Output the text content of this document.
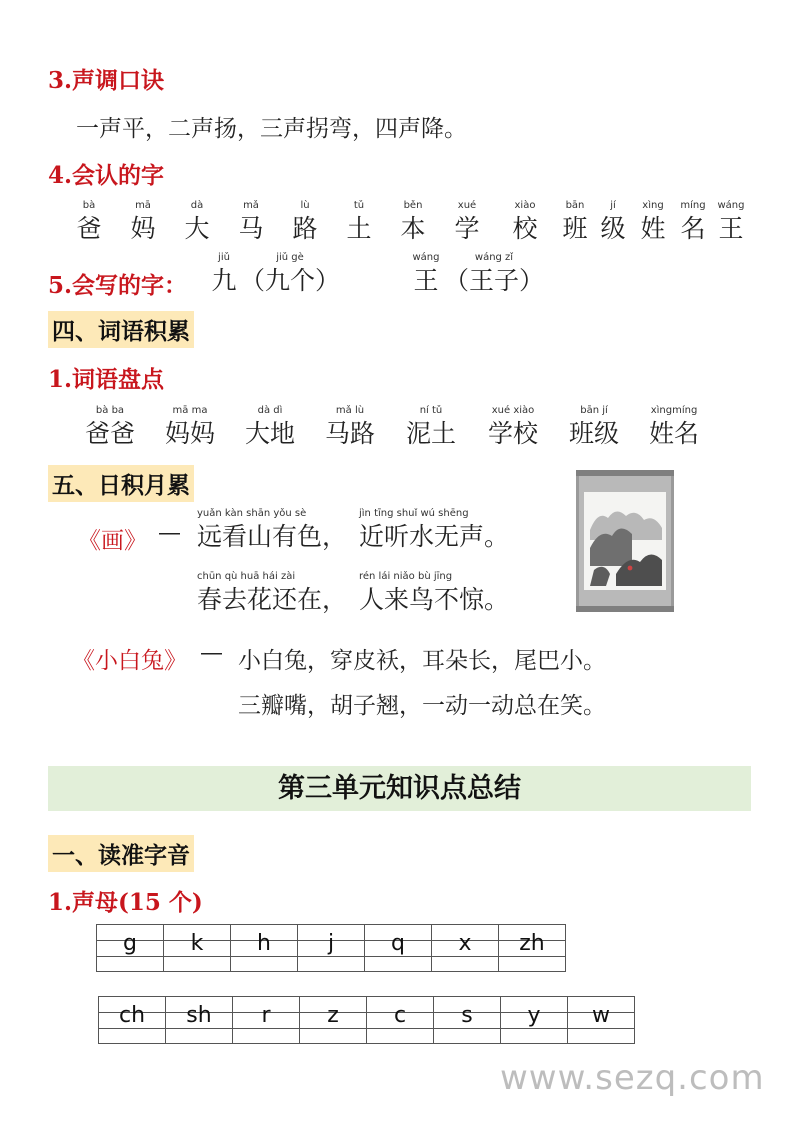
3.声调口诀
一声平，二声扬，三声拐弯，四声降。
4.会认的字
bà
爸
mā
妈
dà
大
mǎ
马
lù
路
tǔ
土
běn
本
xué
学
xiào
校
bān
班
jí
级
xìng
姓
míng
名
wáng
王
5.会写的字：
jiǔ
九
jiǔ gè
（九个）
wáng
王
wáng zǐ
（王子）
四、词语积累
1.词语盘点
bà ba
爸爸
mā ma
妈妈
dà dì
大地
mǎ lù
马路
ní tǔ
泥土
xué xiào
学校
bān jí
班级
xìngmíng
姓名
五、日积月累
《画》 —
yuǎn kàn shān yǒu sè
远看山有色，
jìn tīng shuǐ wú shēng
近听水无声。
chūn qù huā hái zài
春去花还在，
rén lái niǎo bù jīng
人来鸟不惊。
《小白兔》 — 小白兔，穿皮袄，耳朵长，尾巴小。
三瓣嘴，胡子翘，一动一动总在笑。
第三单元知识点总结
一、读准字音
1.声母(15 个)
g	k	h	j	q	x	zh
ch	sh	r	z	c	s	y	w
www.sezq.com
